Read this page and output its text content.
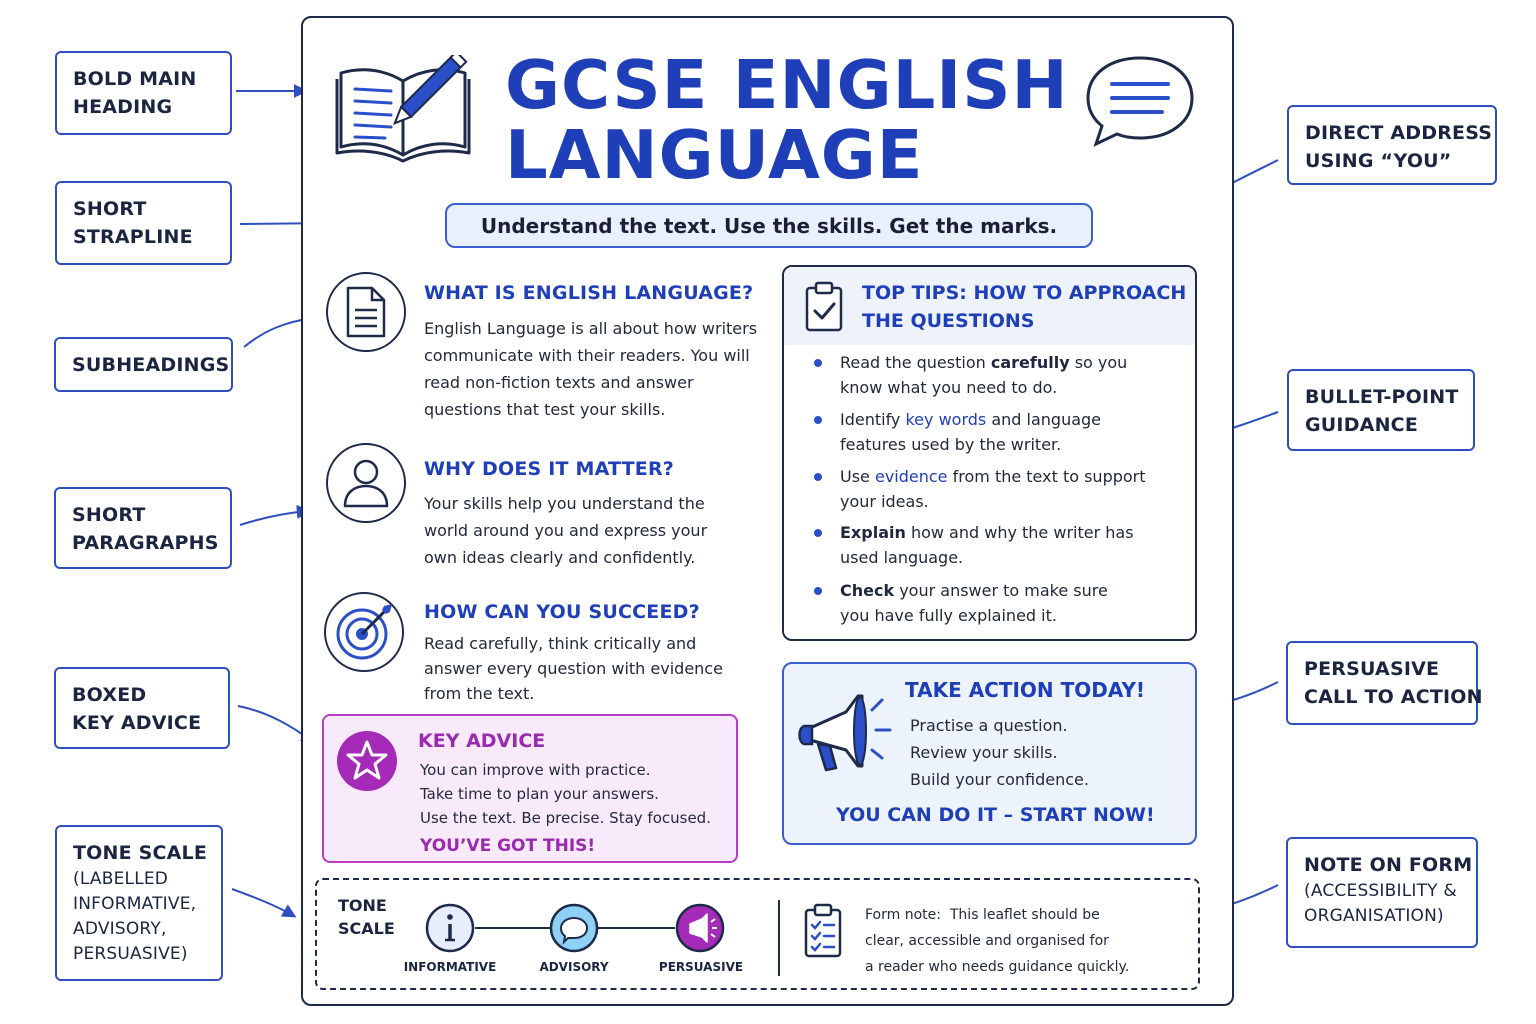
BOLD MAIN
HEADING
SHORT
STRAPLINE
SUBHEADINGS
SHORT
PARAGRAPHS
BOXED
KEY ADVICE
TONE SCALE
(LABELLED
INFORMATIVE,
ADVISORY,
PERSUASIVE)
DIRECT ADDRESS
USING “YOU”
BULLET-POINT
GUIDANCE
PERSUASIVE
CALL TO ACTION
NOTE ON FORM
(ACCESSIBILITY &
ORGANISATION)
GCSE ENGLISH
LANGUAGE
Understand the text. Use the skills. Get the marks.
WHAT IS ENGLISH LANGUAGE?
English Language is all about how writers
communicate with their readers. You will
read non-fiction texts and answer
questions that test your skills.
WHY DOES IT MATTER?
Your skills help you understand the
world around you and express your
own ideas clearly and confidently.
HOW CAN YOU SUCCEED?
Read carefully, think critically and
answer every question with evidence
from the text.
TOP TIPS: HOW TO APPROACH
THE QUESTIONS
Read the question carefully so you
know what you need to do.
Identify key words and language
features used by the writer.
Use evidence from the text to support
your ideas.
Explain how and why the writer has
used language.
Check your answer to make sure
you have fully explained it.
KEY ADVICE
You can improve with practice.
Take time to plan your answers.
Use the text. Be precise. Stay focused.
YOU’VE GOT THIS!
TAKE ACTION TODAY!
Practise a question.
Review your skills.
Build your confidence.
YOU CAN DO IT – START NOW!
TONE
SCALE
INFORMATIVE	ADVISORY	PERSUASIVE
Form note:  This leaflet should be
clear, accessible and organised for
a reader who needs guidance quickly.
